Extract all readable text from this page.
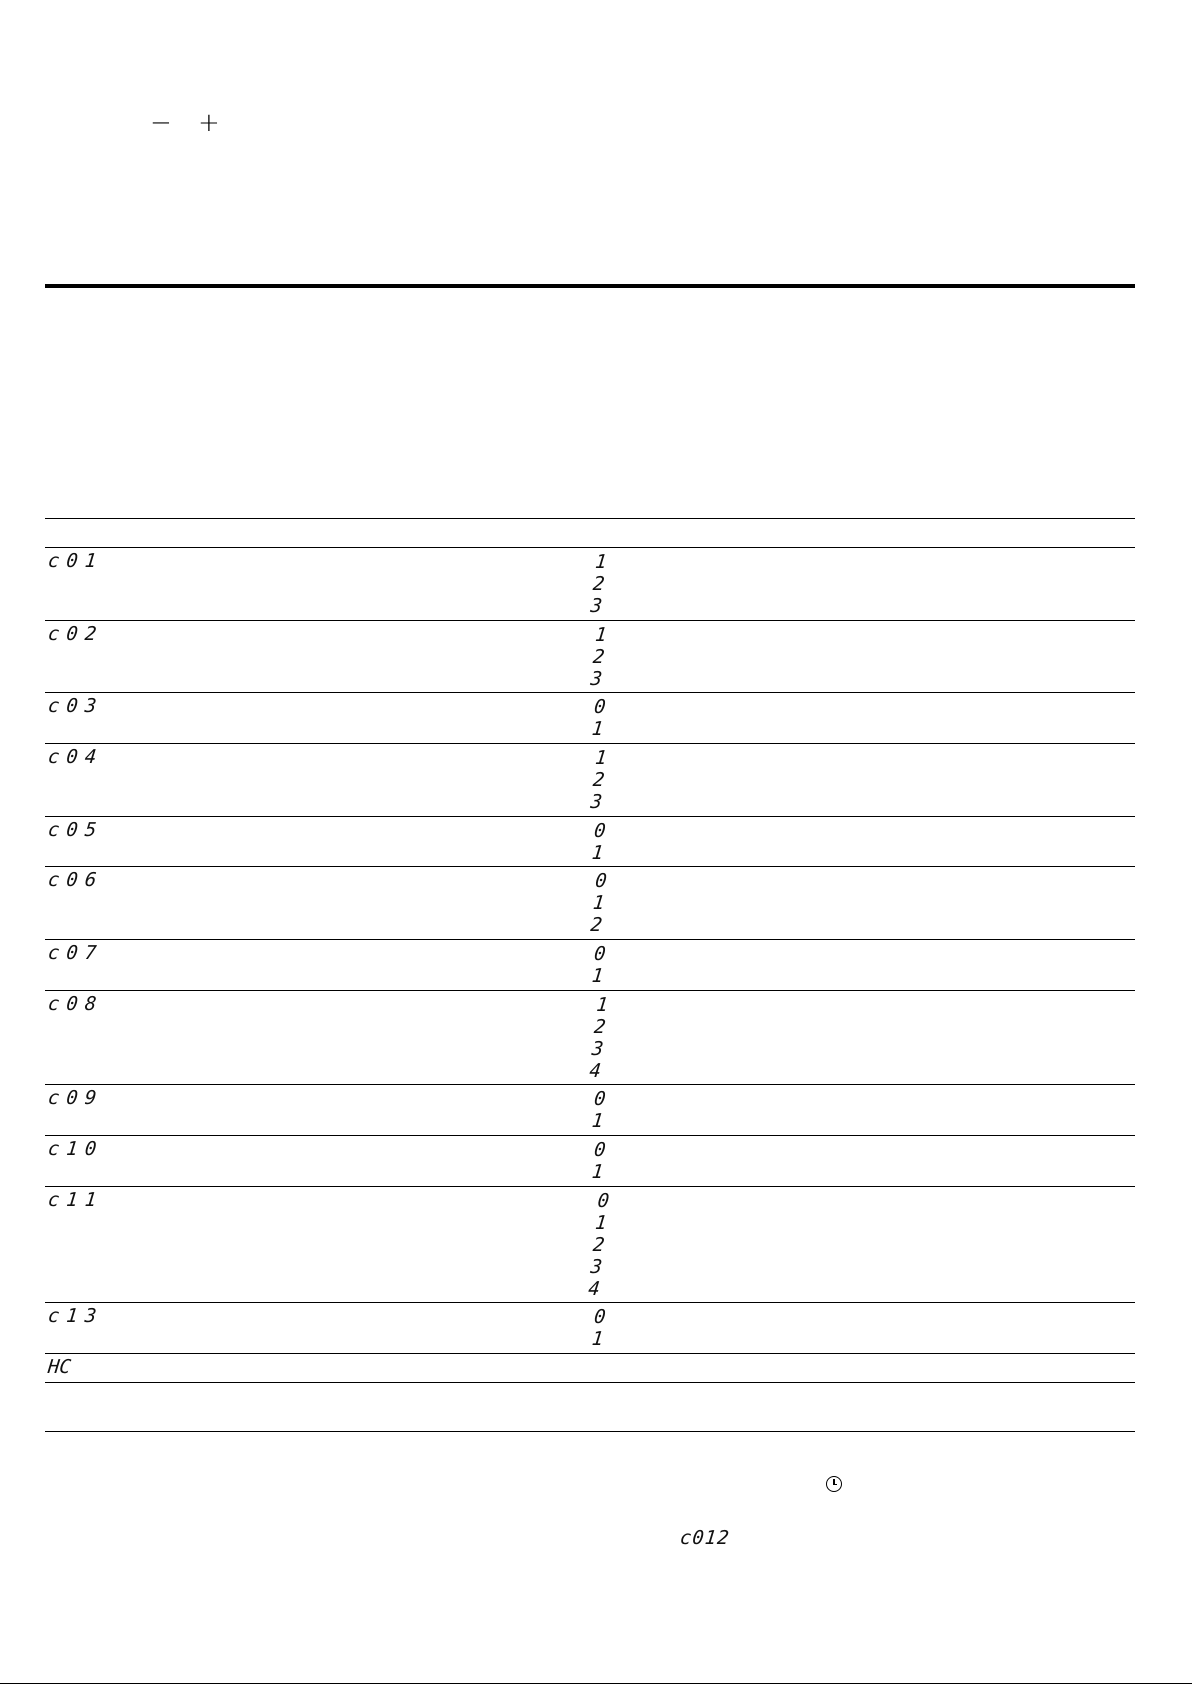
− +
c01	1
2
3
c02	1
2
3
c03	0
1
c04	1
2
3
c05	0
1
c06	0
1
2
c07	0
1
c08	1
2
3
4
c09	0
1
c10	0
1
c11	0
1
2
3
4
c13	0
1
HC
c012
